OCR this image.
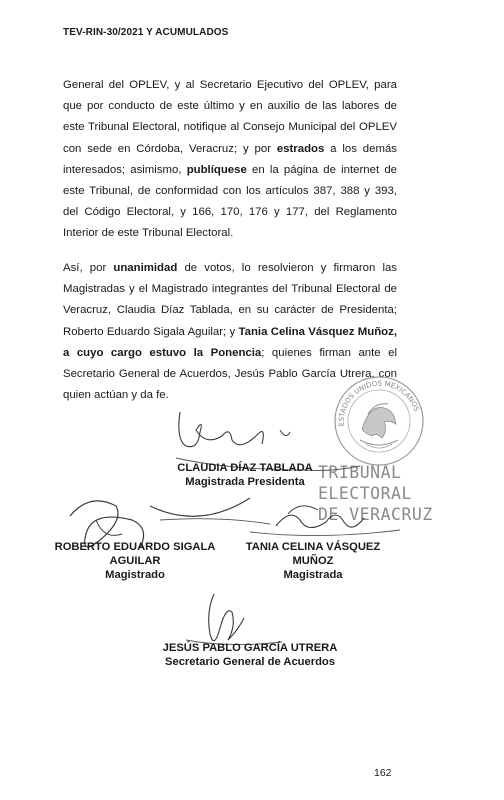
TEV-RIN-30/2021 Y ACUMULADOS

General del OPLEV, y al Secretario Ejecutivo del OPLEV, para que por conducto de este último y en auxilio de las labores de este Tribunal Electoral, notifique al Consejo Municipal del OPLEV con sede en Córdoba, Veracruz; y por estrados a los demás interesados; asimismo, publíquese en la página de internet de este Tribunal, de conformidad con los artículos 387, 388 y 393, del Código Electoral, y 166, 170, 176 y 177, del Reglamento Interior de este Tribunal Electoral.

Así, por unanimidad de votos, lo resolvieron y firmaron las Magistradas y el Magistrado integrantes del Tribunal Electoral de Veracruz, Claudia Díaz Tablada, en su carácter de Presidenta; Roberto Eduardo Sigala Aguilar; y Tania Celina Vásquez Muñoz, a cuyo cargo estuvo la Ponencia; quienes firman ante el Secretario General de Acuerdos, Jesús Pablo García Utrera, con quien actúan y da fe.

ESTADOS UNIDOS MEXICANOS
TRIBUNAL
ELECTORAL
DE VERACRUZ
CLAUDIA DÍAZ TABLADA
Magistrada Presidenta
ROBERTO EDUARDO SIGALA
AGUILAR
Magistrado
TANIA CELINA VÁSQUEZ
MUÑOZ
Magistrada
JESÚS PABLO GARCÍA UTRERA
Secretario General de Acuerdos
162
